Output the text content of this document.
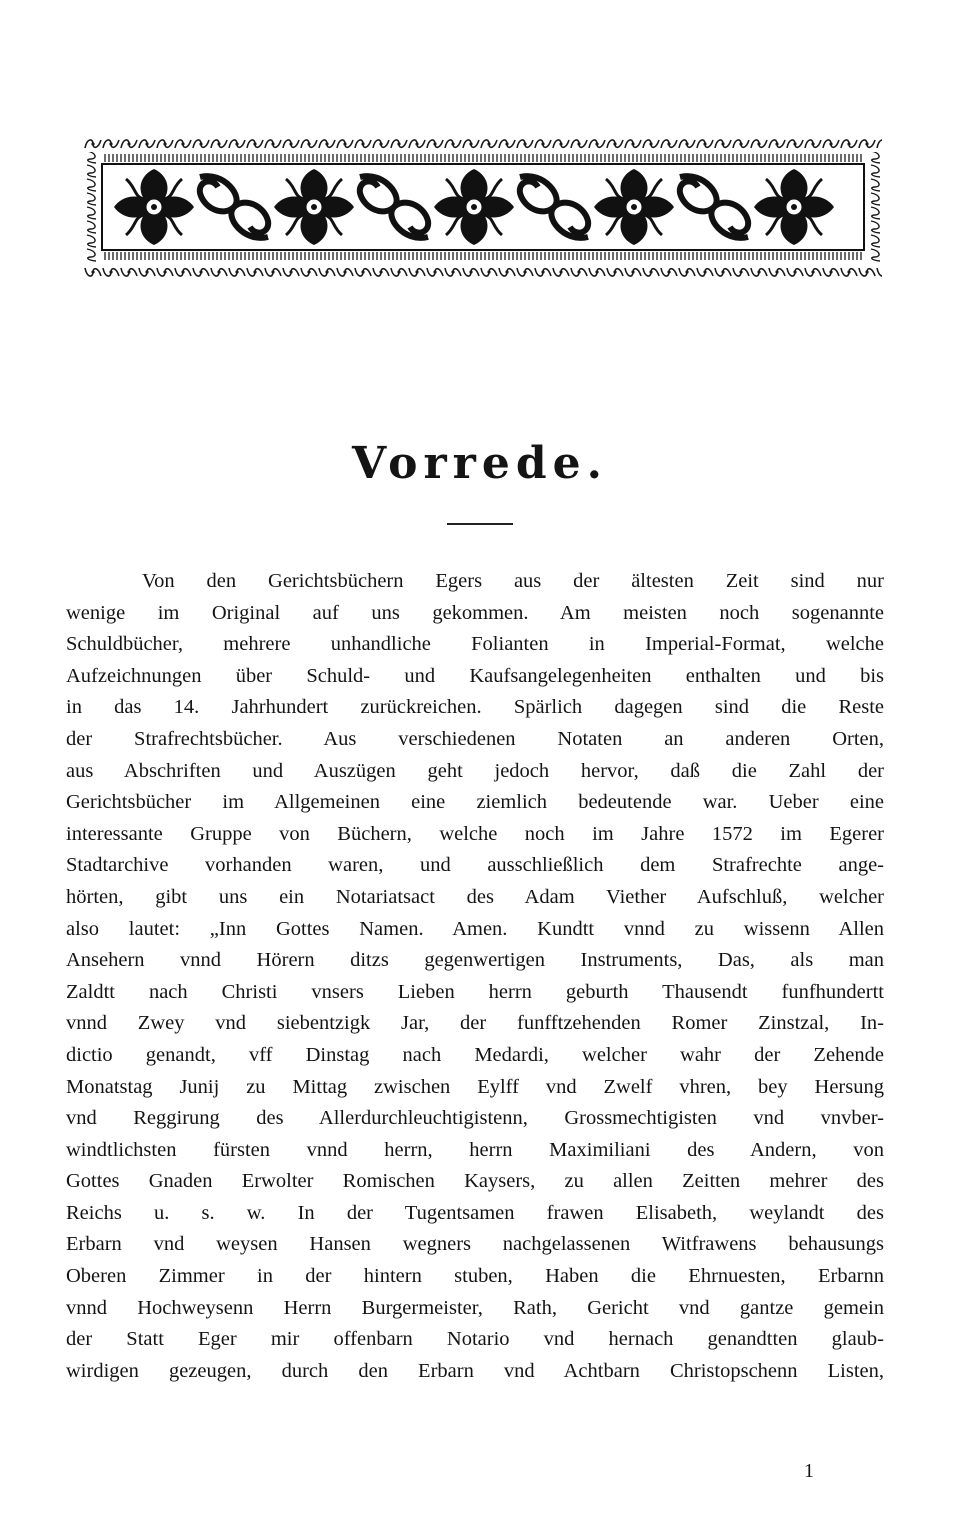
Vorrede.
Von den Gerichtsbüchern Egers aus der ältesten Zeit sind nur
wenige im Original auf uns gekommen. Am meisten noch sogenannte
Schuldbücher, mehrere unhandliche Folianten in Imperial-Format, welche
Aufzeichnungen über Schuld- und Kaufsangelegenheiten enthalten und bis
in das 14. Jahrhundert zurückreichen. Spärlich dagegen sind die Reste
der Strafrechtsbücher. Aus verschiedenen Notaten an anderen Orten,
aus Abschriften und Auszügen geht jedoch hervor, daß die Zahl der
Gerichtsbücher im Allgemeinen eine ziemlich bedeutende war. Ueber eine
interessante Gruppe von Büchern, welche noch im Jahre 1572 im Egerer
Stadtarchive vorhanden waren, und ausschließlich dem Strafrechte ange-
hörten, gibt uns ein Notariatsact des Adam Viether Aufschluß, welcher
also lautet: „Inn Gottes Namen. Amen. Kundtt vnnd zu wissenn Allen
Ansehern vnnd Hörern ditzs gegenwertigen Instruments, Das, als man
Zaldtt nach Christi vnsers Lieben herrn geburth Thausendt funfhundertt
vnnd Zwey vnd siebentzigk Jar, der funfftzehenden Romer Zinstzal, In-
dictio genandt, vff Dinstag nach Medardi, welcher wahr der Zehende
Monatstag Junij zu Mittag zwischen Eylff vnd Zwelf vhren, bey Hersung
vnd Reggirung des Allerdurchleuchtigistenn, Grossmechtigisten vnd vnvber-
windtlichsten fürsten vnnd herrn, herrn Maximiliani des Andern, von
Gottes Gnaden Erwolter Romischen Kaysers, zu allen Zeitten mehrer des
Reichs u. s. w. In der Tugentsamen frawen Elisabeth, weylandt des
Erbarn vnd weysen Hansen wegners nachgelassenen Witfrawens behausungs
Oberen Zimmer in der hintern stuben, Haben die Ehrnuesten, Erbarnn
vnnd Hochweysenn Herrn Burgermeister, Rath, Gericht vnd gantze gemein
der Statt Eger mir offenbarn Notario vnd hernach genandtten glaub-
wirdigen gezeugen, durch den Erbarn vnd Achtbarn Christopschenn Listen,
1
